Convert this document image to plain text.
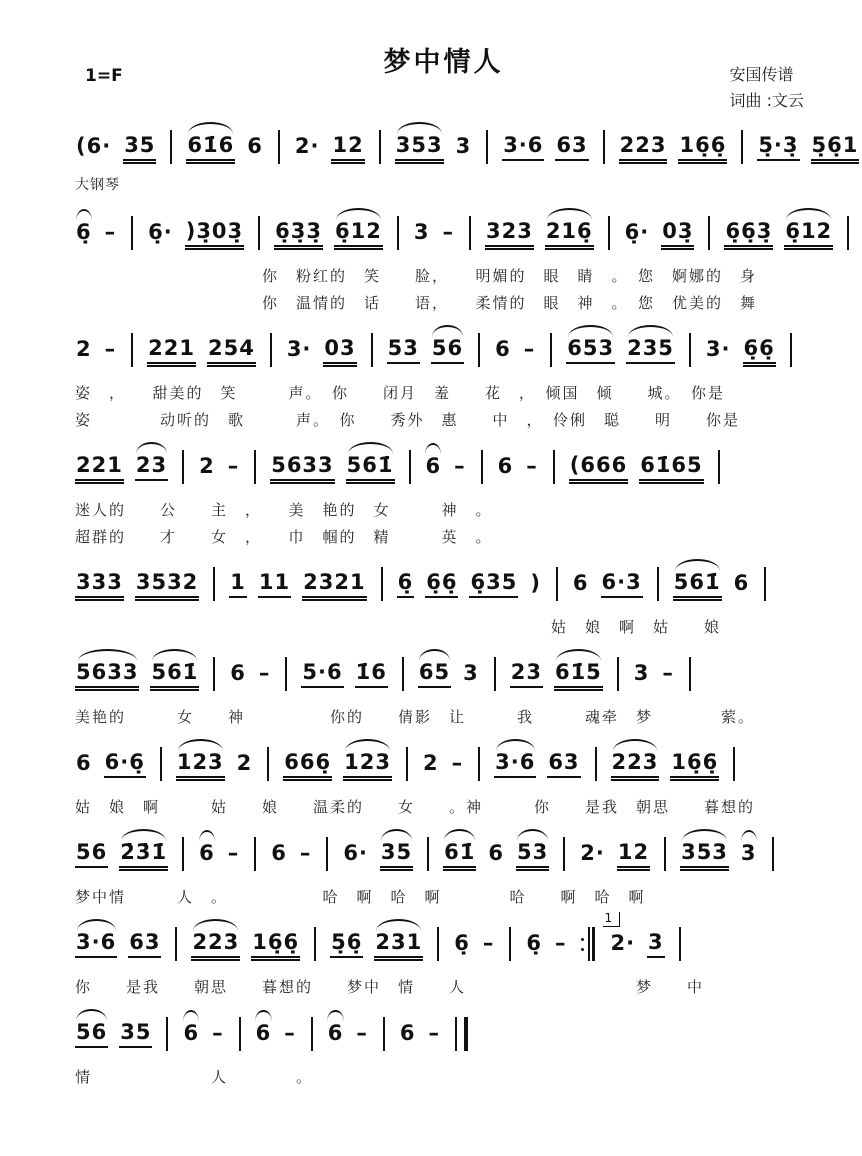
1=F	梦中情人	安国传谱
词曲 :文云
(6· 35 61̇6 6 2· 12 353 3 3·6 63 223 16̣6̣ 5̣·3̣ 5̣6̣1
大钢琴
6̣ – 6̣· )3̣03̣ 6̣3̣3̣ 6̣12 3 – 323 216̣ 6̣· 03̣ 6̣6̣3̣ 6̣12
　　　　　　　　　　　你　粉红的　笑　　脸，　　明媚的　眼　睛　。　您　婀娜的　身
　　　　　　　　　　　你　温情的　话　　语，　　柔情的　眼　神　。　您　优美的　舞
2 – 221 254 3· 03 53 56 6 – 653 235 3· 6̣6̣
姿　，　　甜美的　笑　　　声。　你　　闭月　羞　　花　，　倾国　倾　　城。　你是
姿　　　　动听的　歌　　　声。　你　　秀外　惠　　中　，　伶俐　聪　　明　　你是
221 23 2 – 5633 561̇ 6 – 6 – (666 61̇65
迷人的　　公　　主　，　　美　艳的　女　　　神　。
超群的　　才　　女　，　　巾　帼的　精　　　英　。
333 3532 1 11 2321 6̣ 6̣6̣ 6̣35 ) 6 6·3 561̇ 6
　　　　　　　　　　　　　　　　　　　　　　　　　　　　姑　娘　啊　姑　　娘
5633 561̇ 6 – 5·6 1̇6 65 3 23 61̇5 3 –
美艳的　　　女　　神　　　　　你的　　倩影　让　　　我　　　魂牵　梦　　　　萦。
6 6·6̣ 123 2 666̣ 123 2 – 3·6 63 223 16̣6̣
姑　娘　啊　　　姑　　娘　　温柔的　　女　　。神　　　你　　是我　朝思　　暮想的
56 2̇3̇1̇ 6 – 6 – 6· 35 61̇ 6 53 2· 12 353 3
梦中情　　　人　。　　　　　　哈　啊　哈　啊　　　　哈　　啊　哈　啊
3·6 63 223 16̣6̣ 5̣6̣ 231 6̣ – 6̣ – 2·
1
3
你　　是我　　朝思　　暮想的　　梦中　情　　人　　　　　　　　　　梦　　中
56 35 6 – 6 – 6 – 6 –
情　　　　　　　人　　　　。
